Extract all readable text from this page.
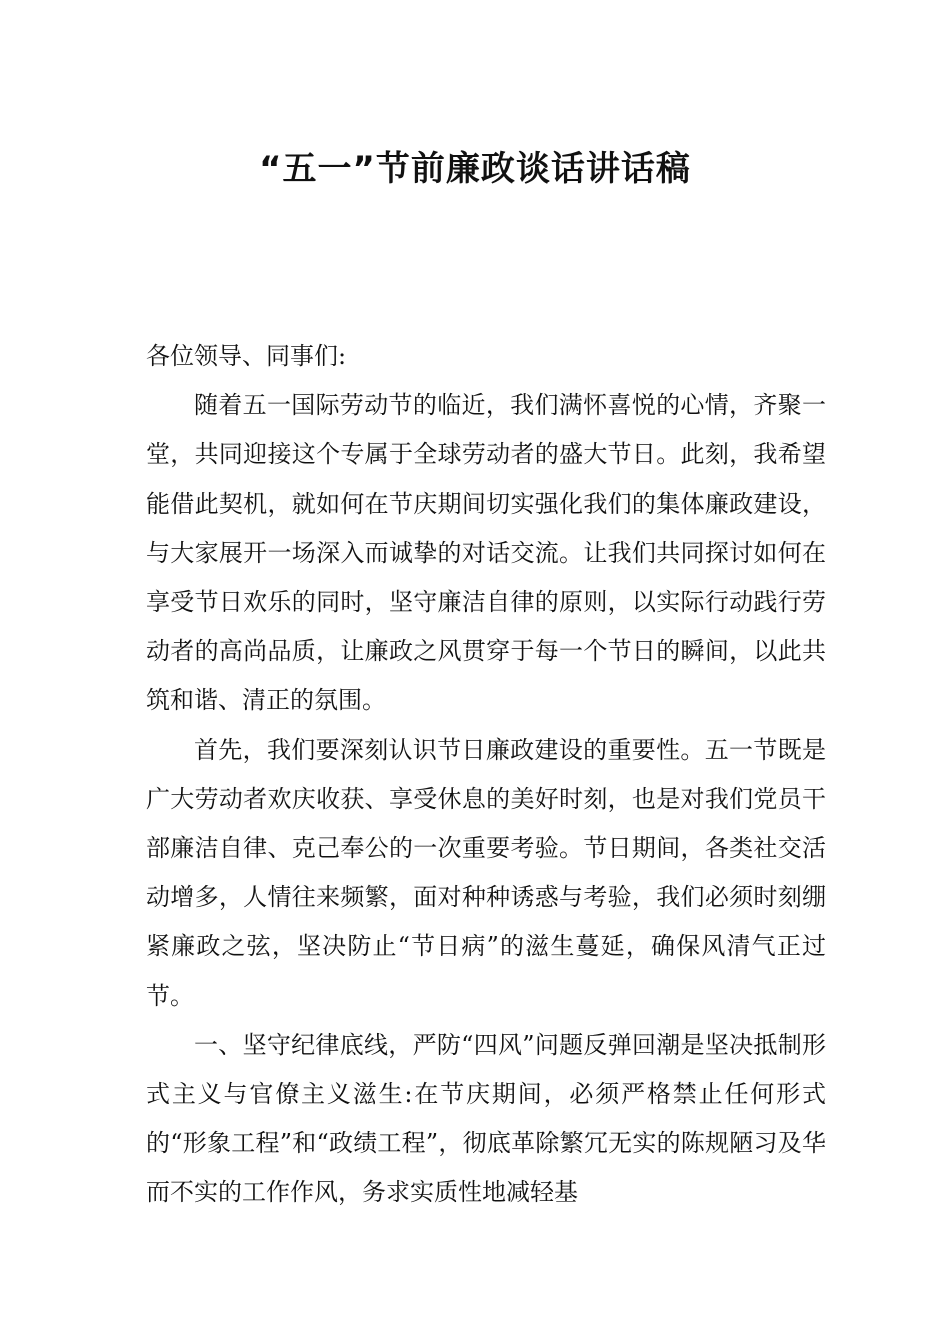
“五一”节前廉政谈话讲话稿

各位领导、同事们:

随着五一国际劳动节的临近，我们满怀喜悦的心情，齐聚一堂，共同迎接这个专属于全球劳动者的盛大节日。此刻，我希望能借此契机，就如何在节庆期间切实强化我们的集体廉政建设，与大家展开一场深入而诚挚的对话交流。让我们共同探讨如何在享受节日欢乐的同时，坚守廉洁自律的原则，以实际行动践行劳动者的高尚品质，让廉政之风贯穿于每一个节日的瞬间，以此共筑和谐、清正的氛围。

首先，我们要深刻认识节日廉政建设的重要性。五一节既是广大劳动者欢庆收获、享受休息的美好时刻，也是对我们党员干部廉洁自律、克己奉公的一次重要考验。节日期间，各类社交活动增多，人情往来频繁，面对种种诱惑与考验，我们必须时刻绷紧廉政之弦，坚决防止“节日病”的滋生蔓延，确保风清气正过节。

一、坚守纪律底线，严防“四风”问题反弹回潮是坚决抵制形式主义与官僚主义滋生:在节庆期间，必须严格禁止任何形式的“形象工程”和“政绩工程”，彻底革除繁冗无实的陈规陋习及华而不实的工作作风，务求实质性地减轻基
